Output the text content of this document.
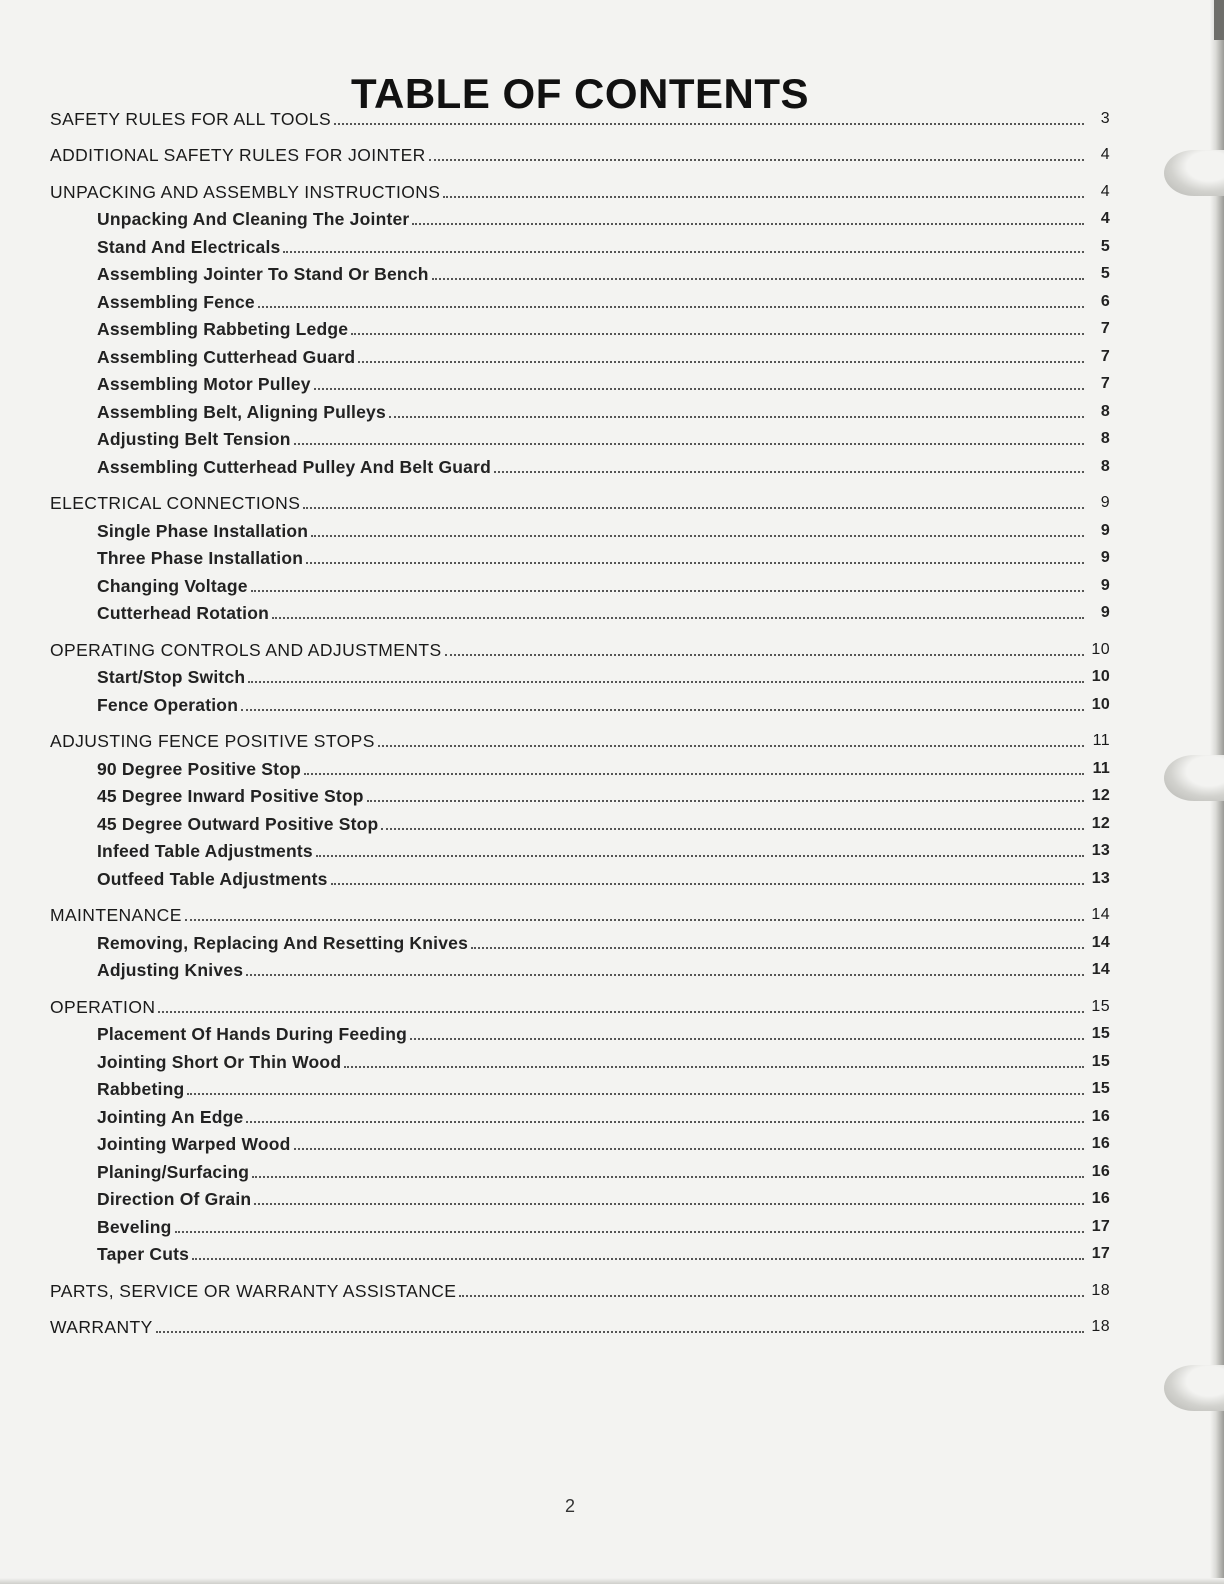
TABLE OF CONTENTS
SAFETY RULES FOR ALL TOOLS	3
ADDITIONAL SAFETY RULES FOR JOINTER	4
UNPACKING AND ASSEMBLY INSTRUCTIONS	4
Unpacking And Cleaning The Jointer	4
Stand And Electricals	5
Assembling Jointer To Stand Or Bench	5
Assembling Fence	6
Assembling Rabbeting Ledge	7
Assembling Cutterhead Guard	7
Assembling Motor Pulley	7
Assembling Belt, Aligning Pulleys	8
Adjusting Belt Tension	8
Assembling Cutterhead Pulley And Belt Guard	8
ELECTRICAL CONNECTIONS	9
Single Phase Installation	9
Three Phase Installation	9
Changing Voltage	9
Cutterhead Rotation	9
OPERATING CONTROLS AND ADJUSTMENTS	10
Start/Stop Switch	10
Fence Operation	10
ADJUSTING FENCE POSITIVE STOPS	11
90 Degree Positive Stop	11
45 Degree Inward Positive Stop	12
45 Degree Outward Positive Stop	12
Infeed Table Adjustments	13
Outfeed Table Adjustments	13
MAINTENANCE	14
Removing, Replacing And Resetting Knives	14
Adjusting Knives	14
OPERATION	15
Placement Of Hands During Feeding	15
Jointing Short Or Thin Wood	15
Rabbeting	15
Jointing An Edge	16
Jointing Warped Wood	16
Planing/Surfacing	16
Direction Of Grain	16
Beveling	17
Taper Cuts	17
PARTS, SERVICE OR WARRANTY ASSISTANCE	18
WARRANTY	18
2
